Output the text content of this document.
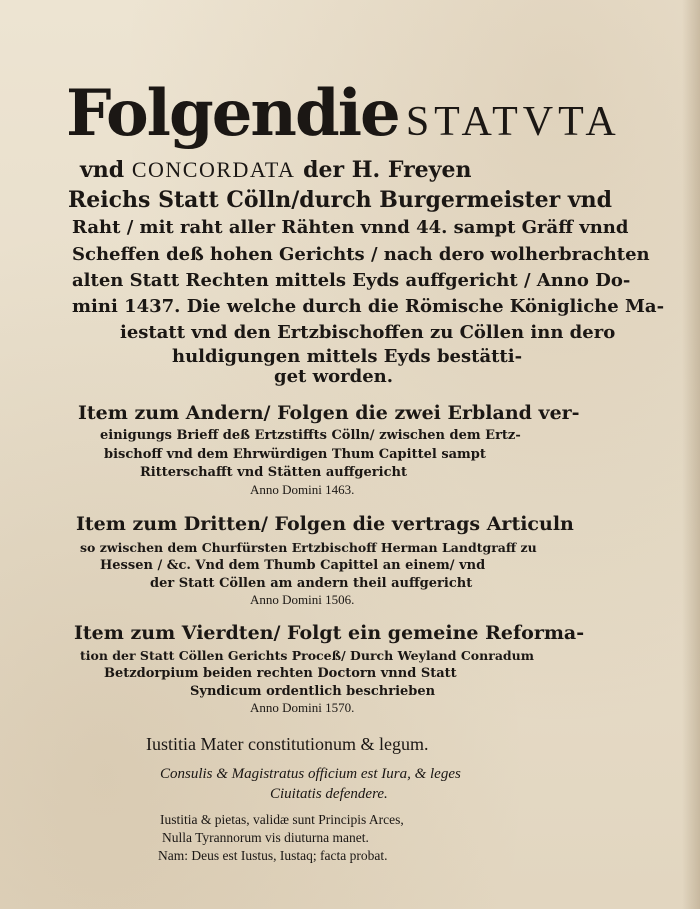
Folgendie STATVTA
vnd CONCORDATA der H. Freyen
Reichs Statt Cölln/durch Burgermeister vnd
Raht / mit raht aller Rähten vnnd 44. sampt Gräff vnnd
Scheffen deß hohen Gerichts / nach dero wolherbrachten
alten Statt Rechten mittels Eyds auffgericht / Anno Do-
mini 1437. Die welche durch die Römische Königliche Ma-
iestatt vnd den Ertzbischoffen zu Cöllen inn dero
huldigungen mittels Eyds bestätti-
get worden.
Item zum Andern/ Folgen die zwei Erbland ver-
einigungs Brieff deß Ertzstiffts Cölln/ zwischen dem Ertz-
bischoff vnd dem Ehrwürdigen Thum Capittel sampt
Ritterschafft vnd Stätten auffgericht
Anno Domini 1463.
Item zum Dritten/ Folgen die vertrags Articuln
so zwischen dem Churfürsten Ertzbischoff Herman Landtgraff zu
Hessen / &c. Vnd dem Thumb Capittel an einem/ vnd
der Statt Cöllen am andern theil auffgericht
Anno Domini 1506.
Item zum Vierdten/ Folgt ein gemeine Reforma-
tion der Statt Cöllen Gerichts Proceß/ Durch Weyland Conradum
Betzdorpium beiden rechten Doctorn vnnd Statt
Syndicum ordentlich beschrieben
Anno Domini 1570.
Iustitia Mater constitutionum & legum.
Consulis & Magistratus officium est Iura, & leges
Ciuitatis defendere.
Iustitia & pietas, validæ sunt Principis Arces,
Nulla Tyrannorum vis diuturna manet.
Nam: Deus est Iustus, Iustaq; facta probat.
